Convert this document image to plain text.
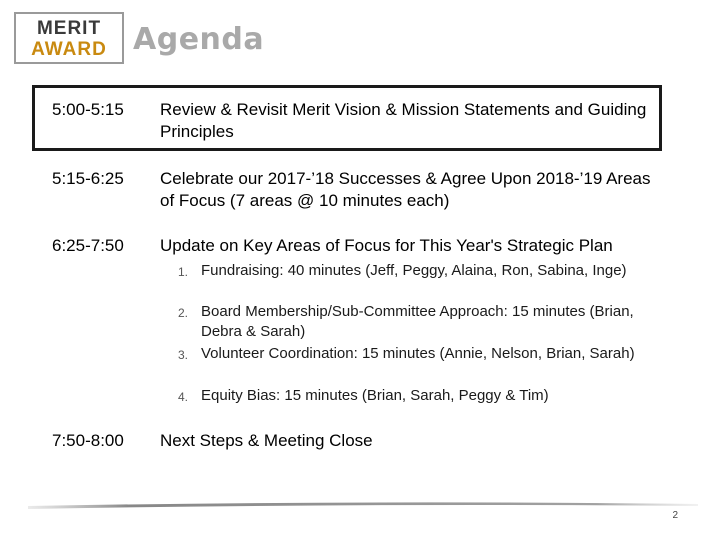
MERIT
AWARD Agenda
5:00-5:15 Review & Revisit Merit Vision & Mission Statements and Guiding Principles
5:15-6:25 Celebrate our 2017-’18 Successes & Agree Upon 2018-’19 Areas of Focus (7 areas @ 10 minutes each)
6:25-7:50 Update on Key Areas of Focus for This Year's Strategic Plan
1. Fundraising: 40 minutes (Jeff, Peggy, Alaina, Ron, Sabina, Inge)
2. Board Membership/Sub-Committee Approach: 15 minutes (Brian, Debra & Sarah)
3. Volunteer Coordination: 15 minutes (Annie, Nelson, Brian, Sarah)
4. Equity Bias: 15 minutes (Brian, Sarah, Peggy & Tim)
7:50-8:00 Next Steps & Meeting Close
2
